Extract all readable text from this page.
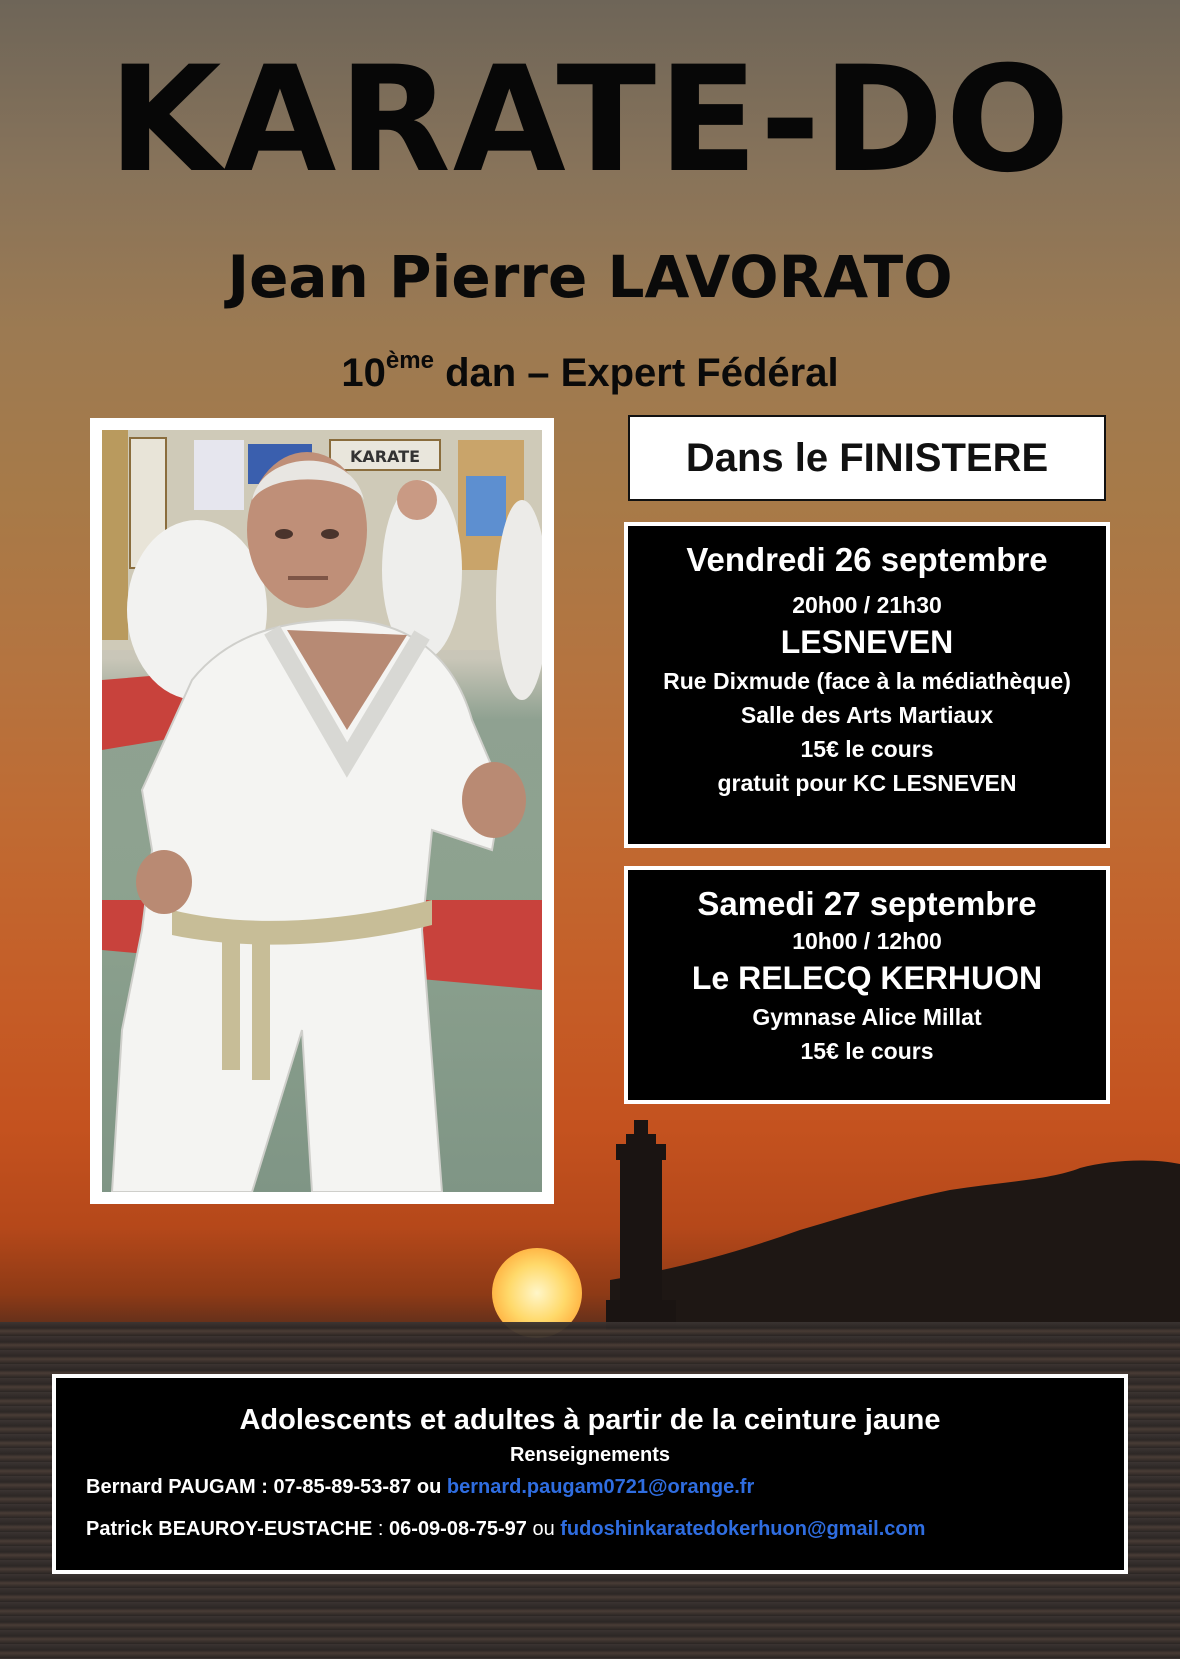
KARATE-DO
Jean Pierre LAVORATO
10ème dan – Expert Fédéral
KARATE	Dans le FINISTERE
Vendredi 26 septembre
20h00 / 21h30
LESNEVEN
Rue Dixmude (face à la médiathèque)
Salle des Arts Martiaux
15€ le cours
gratuit pour KC LESNEVEN
Samedi 27 septembre
10h00 / 12h00
Le RELECQ KERHUON
Gymnase Alice Millat
15€ le cours
Adolescents et adultes à partir de la ceinture jaune
Renseignements
Bernard PAUGAM : 07-85-89-53-87 ou bernard.paugam0721@orange.fr
Patrick BEAUROY-EUSTACHE : 06-09-08-75-97 ou fudoshinkaratedokerhuon@gmail.com
